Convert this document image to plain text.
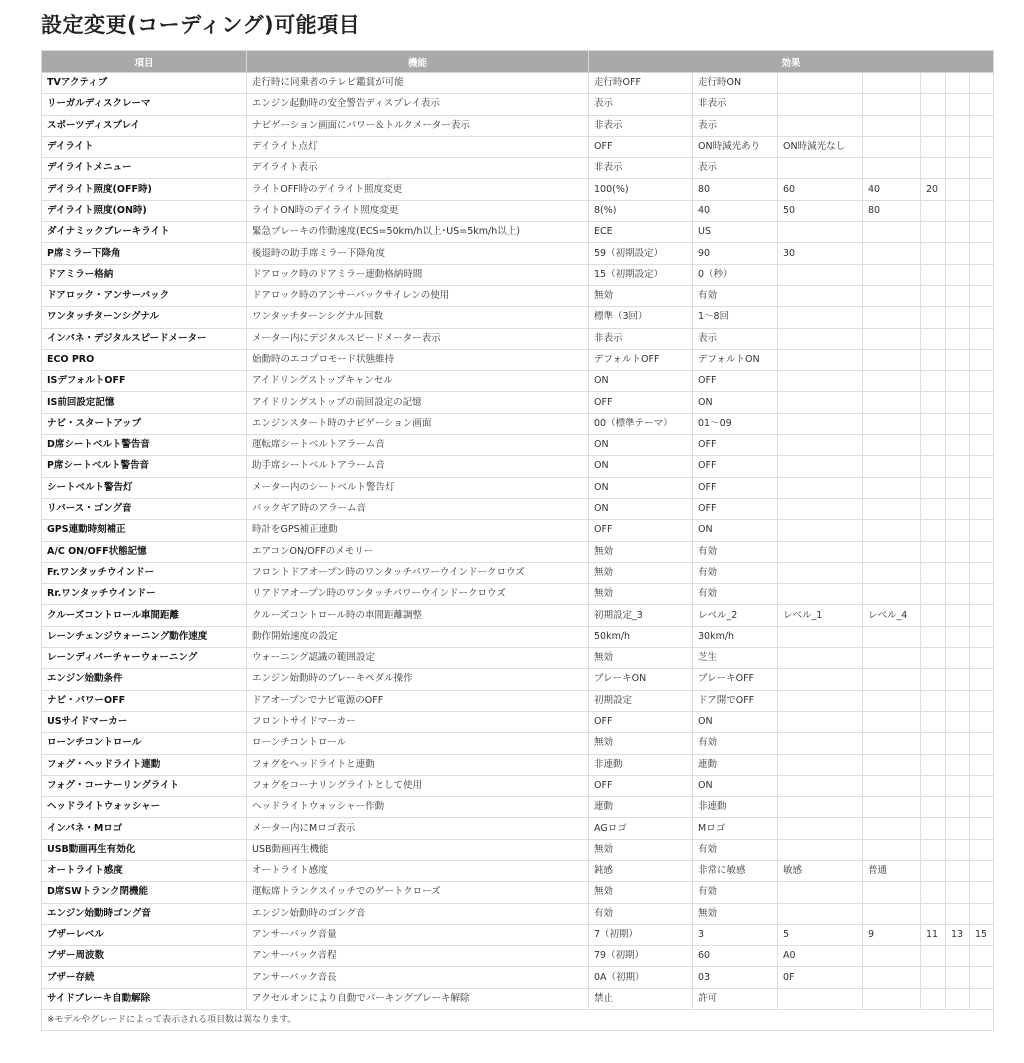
設定変更(コーディング)可能項目
項目	機能	効果						
TVアクティブ	走行時に同乗者のテレビ鑑賞が可能	走行時OFF	走行時ON					
リーガルディスクレーマ	エンジン起動時の安全警告ディスプレイ表示	表示	非表示					
スポーツディスプレイ	ナビゲーション画面にパワー＆トルクメーター表示	非表示	表示					
デイライト	デイライト点灯	OFF	ON時減光あり	ON時減光なし				
デイライトメニュー	デイライト表示	非表示	表示					
デイライト照度(OFF時)	ライトOFF時のデイライト照度変更	100(%)	80	60	40	20		
デイライト照度(ON時)	ライトON時のデイライト照度変更	8(%)	40	50	80			
ダイナミックブレーキライト	緊急ブレーキの作動速度(ECS=50km/h以上･US=5km/h以上)	ECE	US					
P席ミラー下降角	後退時の助手席ミラー下降角度	59（初期設定）	90	30				
ドアミラー格納	ドアロック時のドアミラー連動格納時間	15（初期設定）	0（秒）					
ドアロック・アンサーバック	ドアロック時のアンサーバックサイレンの使用	無効	有効					
ワンタッチターンシグナル	ワンタッチターンシグナル回数	標準（3回）	1～8回					
インパネ・デジタルスピードメーター	メーター内にデジタルスピードメーター表示	非表示	表示					
ECO PRO	始動時のエコプロモード状態維持	デフォルトOFF	デフォルトON					
ISデフォルトOFF	アイドリングストップキャンセル	ON	OFF					
IS前回設定記憶	アイドリングストップの前回設定の記憶	OFF	ON					
ナビ・スタートアップ	エンジンスタート時のナビゲーション画面	00（標準テーマ）	01～09					
D席シートベルト警告音	運転席シートベルトアラーム音	ON	OFF					
P席シートベルト警告音	助手席シートベルトアラーム音	ON	OFF					
シートベルト警告灯	メーター内のシートベルト警告灯	ON	OFF					
リバース・ゴング音	バックギア時のアラーム音	ON	OFF					
GPS連動時刻補正	時計をGPS補正連動	OFF	ON					
A/C ON/OFF状態記憶	エアコンON/OFFのメモリー	無効	有効					
Fr.ワンタッチウインドー	フロントドアオープン時のワンタッチパワーウインドークロウズ	無効	有効					
Rr.ワンタッチウインドー	リアドアオープン時のワンタッチパワーウインドークロウズ	無効	有効					
クルーズコントロール車間距離	クルーズコントロール時の車間距離調整	初期設定_3	レベル_2	レベル_1	レベル_4			
レーンチェンジウォーニング動作速度	動作開始速度の設定	50km/h	30km/h					
レーンディパーチャーウォーニング	ウォーニング認識の範囲設定	無効	芝生					
エンジン始動条件	エンジン始動時のブレーキペダル操作	ブレーキON	ブレーキOFF					
ナビ・パワーOFF	ドアオープンでナビ電源のOFF	初期設定	ドア開でOFF					
USサイドマーカー	フロントサイドマーカー	OFF	ON					
ローンチコントロール	ローンチコントロール	無効	有効					
フォグ・ヘッドライト連動	フォグをヘッドライトと連動	非連動	連動					
フォグ・コーナーリングライト	フォグをコーナリングライトとして使用	OFF	ON					
ヘッドライトウォッシャー	ヘッドライトウォッシャー作動	連動	非連動					
インパネ・Mロゴ	メーター内にMロゴ表示	AGロゴ	Mロゴ					
USB動画再生有効化	USB動画再生機能	無効	有効					
オートライト感度	オートライト感度	鈍感	非常に敏感	敏感	普通			
D席SWトランク閉機能	運転席トランクスイッチでのゲートクローズ	無効	有効					
エンジン始動時ゴング音	エンジン始動時のゴング音	有効	無効					
ブザーレベル	アンサーバック音量	7（初期）	3	5	9	11	13	15
ブザー周波数	アンサーバック音程	79（初期）	60	A0				
ブザー存続	アンサーバック音長	0A（初期）	03	0F				
サイドブレーキ自動解除	アクセルオンにより自動でパーキングブレーキ解除	禁止	許可					
※モデルやグレードによって表示される項目数は異なります。								
